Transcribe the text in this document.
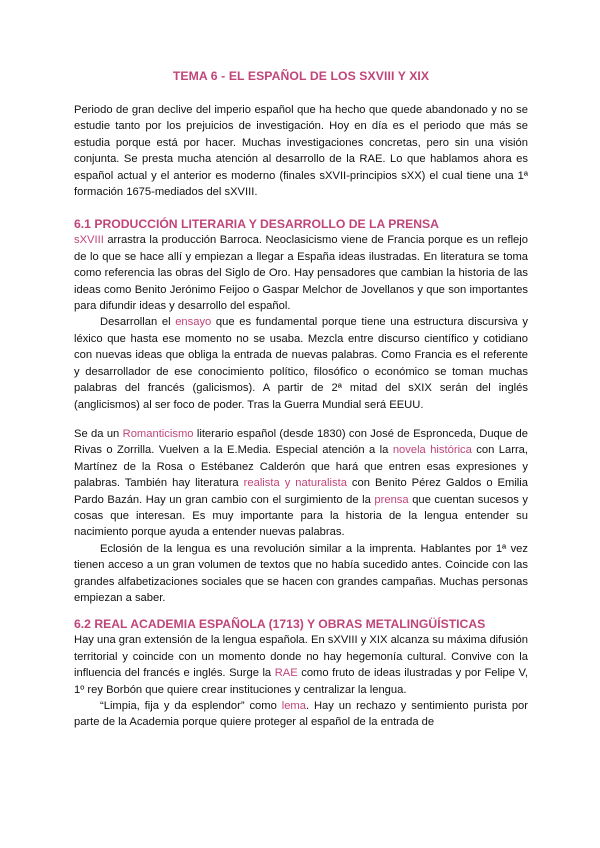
TEMA 6 - EL ESPAÑOL DE LOS SXVIII Y XIX

Periodo de gran declive del imperio español que ha hecho que quede abandonado y no se estudie tanto por los prejuicios de investigación. Hoy en día es el periodo que más se estudia porque está por hacer. Muchas investigaciones concretas, pero sin una visión conjunta. Se presta mucha atención al desarrollo de la RAE. Lo que hablamos ahora es español actual y el anterior es moderno (finales sXVII-principios sXX) el cual tiene una 1ª formación 1675-mediados del sXVIII.

6.1 PRODUCCIÓN LITERARIA Y DESARROLLO DE LA PRENSA

sXVIII arrastra la producción Barroca. Neoclasicismo viene de Francia porque es un reflejo de lo que se hace allí y empiezan a llegar a España ideas ilustradas. En literatura se toma como referencia las obras del Siglo de Oro. Hay pensadores que cambian la historia de las ideas como Benito Jerónimo Feijoo o Gaspar Melchor de Jovellanos y que son importantes para difundir ideas y desarrollo del español.

Desarrollan el ensayo que es fundamental porque tiene una estructura discursiva y léxico que hasta ese momento no se usaba. Mezcla entre discurso científico y cotidiano con nuevas ideas que obliga la entrada de nuevas palabras. Como Francia es el referente y desarrollador de ese conocimiento político, filosófico o económico se toman muchas palabras del francés (galicismos). A partir de 2ª mitad del sXIX serán del inglés (anglicismos) al ser foco de poder. Tras la Guerra Mundial será EEUU.

Se da un Romanticismo literario español (desde 1830) con José de Espronceda, Duque de Rivas o Zorrilla. Vuelven a la E.Media. Especial atención a la novela histórica con Larra, Martínez de la Rosa o Estébanez Calderón que hará que entren esas expresiones y palabras. También hay literatura realista y naturalista con Benito Pérez Galdos o Emilia Pardo Bazán. Hay un gran cambio con el surgimiento de la prensa que cuentan sucesos y cosas que interesan. Es muy importante para la historia de la lengua entender su nacimiento porque ayuda a entender nuevas palabras.

Eclosión de la lengua es una revolución similar a la imprenta. Hablantes por 1ª vez tienen acceso a un gran volumen de textos que no había sucedido antes. Coincide con las grandes alfabetizaciones sociales que se hacen con grandes campañas. Muchas personas empiezan a saber.

6.2 REAL ACADEMIA ESPAÑOLA (1713) Y OBRAS METALINGÜÍSTICAS

Hay una gran extensión de la lengua española. En sXVIII y XIX alcanza su máxima difusión territorial y coincide con un momento donde no hay hegemonía cultural. Convive con la influencia del francés e inglés. Surge la RAE como fruto de ideas ilustradas y por Felipe V, 1º rey Borbón que quiere crear instituciones y centralizar la lengua.

“Limpia, fija y da esplendor” como lema. Hay un rechazo y sentimiento purista por parte de la Academia porque quiere proteger al español de la entrada de
